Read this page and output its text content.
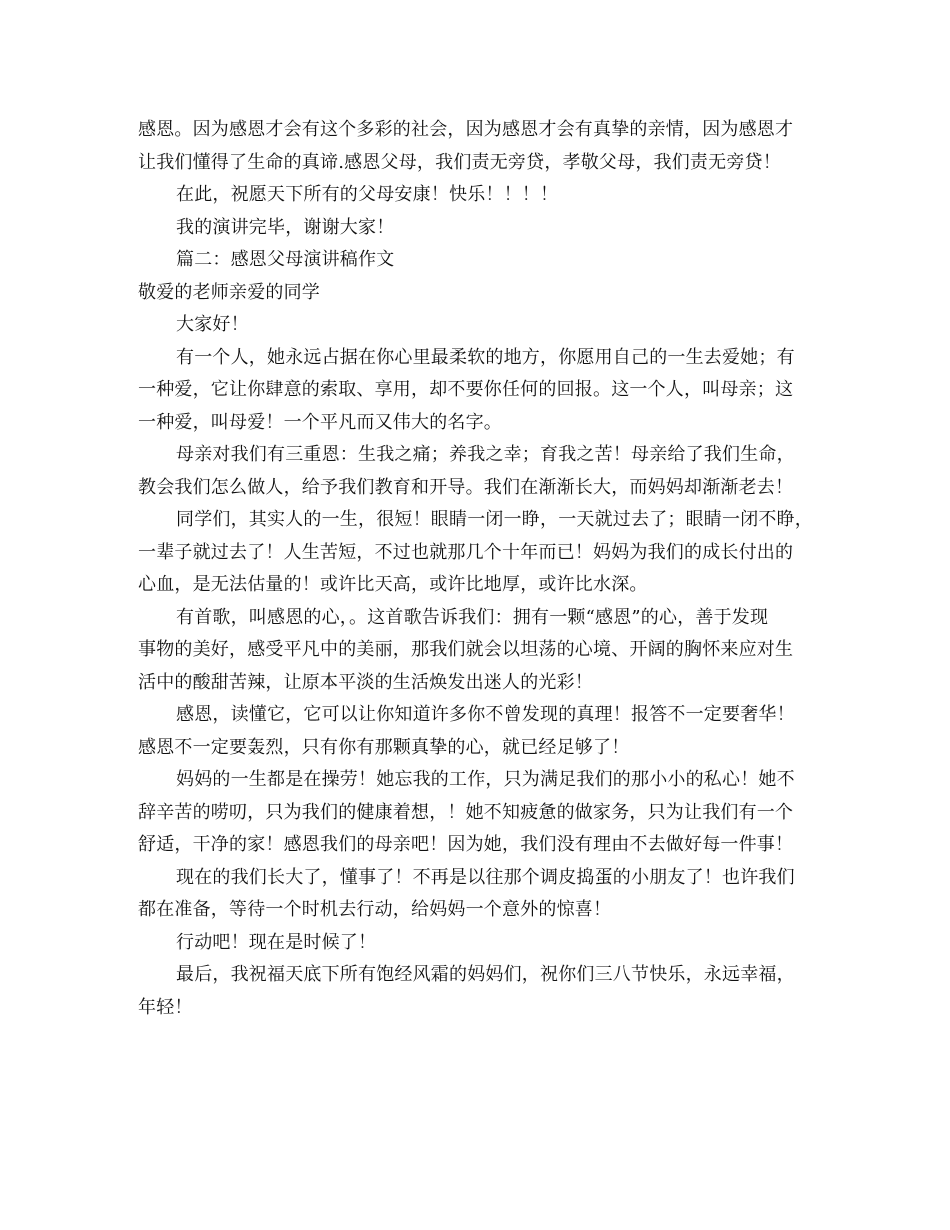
感恩。因为感恩才会有这个多彩的社会，因为感恩才会有真挚的亲情，因为感恩才
让我们懂得了生命的真谛.感恩父母，我们责无旁贷，孝敬父母，我们责无旁贷！
在此，祝愿天下所有的父母安康！快乐！！！！
我的演讲完毕，谢谢大家！
篇二：感恩父母演讲稿作文
敬爱的老师亲爱的同学
大家好！
有一个人，她永远占据在你心里最柔软的地方，你愿用自己的一生去爱她；有
一种爱，它让你肆意的索取、享用，却不要你任何的回报。这一个人，叫母亲；这
一种爱，叫母爱！一个平凡而又伟大的名字。
母亲对我们有三重恩：生我之痛；养我之幸；育我之苦！母亲给了我们生命，
教会我们怎么做人，给予我们教育和开导。我们在渐渐长大，而妈妈却渐渐老去！
同学们，其实人的一生，很短！眼睛一闭一睁，一天就过去了；眼睛一闭不睁，
一辈子就过去了！人生苦短，不过也就那几个十年而已！妈妈为我们的成长付出的
心血，是无法估量的！或许比天高，或许比地厚，或许比水深。
有首歌，叫感恩的心，。这首歌告诉我们：拥有一颗“感恩”的心，善于发现
事物的美好，感受平凡中的美丽，那我们就会以坦荡的心境、开阔的胸怀来应对生
活中的酸甜苦辣，让原本平淡的生活焕发出迷人的光彩！
感恩，读懂它，它可以让你知道许多你不曾发现的真理！报答不一定要奢华！
感恩不一定要轰烈，只有你有那颗真挚的心，就已经足够了！
妈妈的一生都是在操劳！她忘我的工作，只为满足我们的那小小的私心！她不
辞辛苦的唠叨，只为我们的健康着想，！她不知疲惫的做家务，只为让我们有一个
舒适，干净的家！感恩我们的母亲吧！因为她，我们没有理由不去做好每一件事！
现在的我们长大了，懂事了！不再是以往那个调皮捣蛋的小朋友了！也许我们
都在准备，等待一个时机去行动，给妈妈一个意外的惊喜！
行动吧！现在是时候了！
最后，我祝福天底下所有饱经风霜的妈妈们，祝你们三八节快乐，永远幸福，
年轻！
